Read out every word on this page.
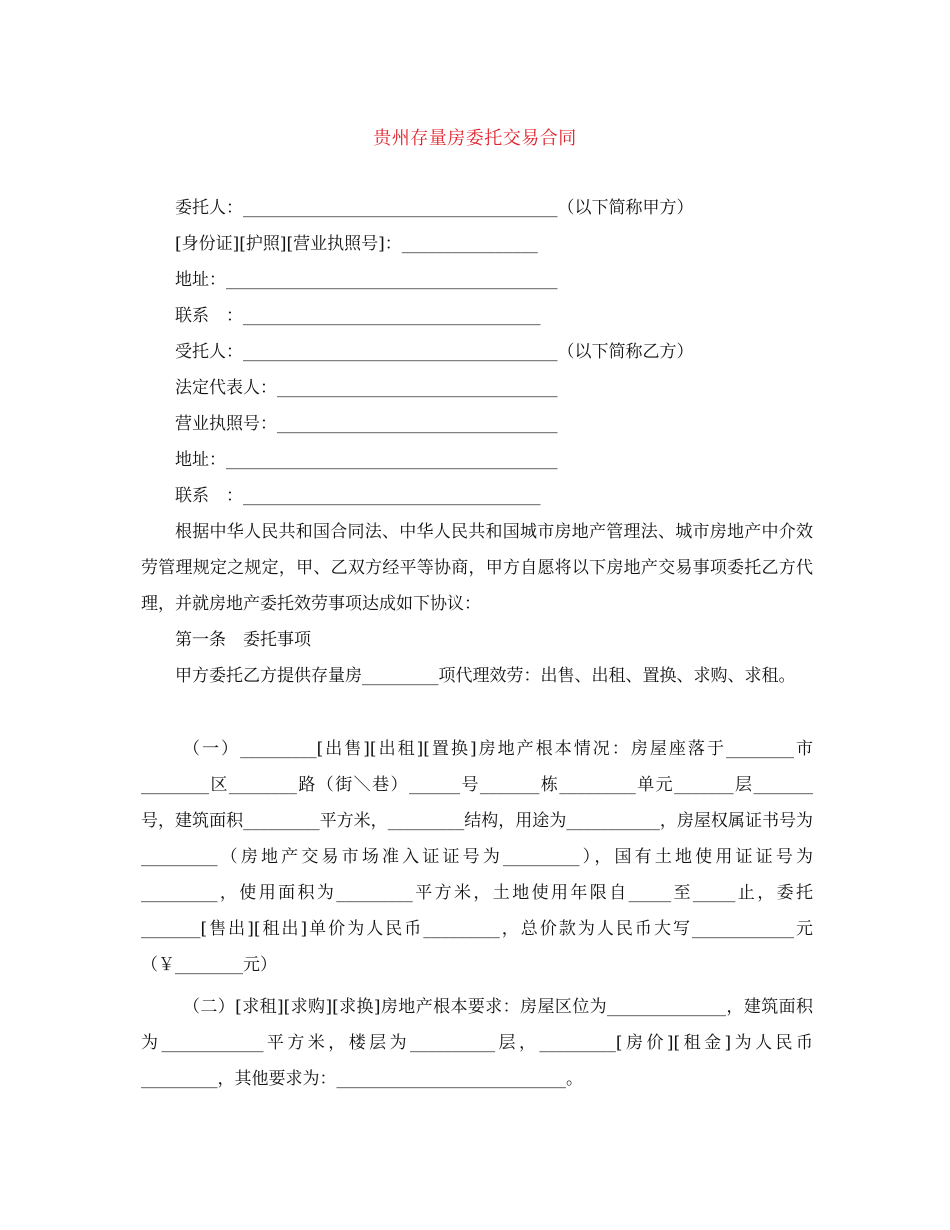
贵州存量房委托交易合同
委托人：_____________________________________（以下简称甲方）
[身份证][护照][营业执照号]：________________
地址：_______________________________________
联系　：___________________________________
受托人：_____________________________________（以下简称乙方）
法定代表人：_________________________________
营业执照号：_________________________________
地址：_______________________________________
联系　：___________________________________
根据中华人民共和国合同法、中华人民共和国城市房地产管理法、城市房地产中介效劳管理规定之规定，甲、乙双方经平等协商，甲方自愿将以下房地产交易事项委托乙方代理，并就房地产委托效劳事项达成如下协议：
第一条　委托事项
甲方委托乙方提供存量房_________项代理效劳：出售、出租、置换、求购、求租。
（一）_________[出售][出租][置换]房地产根本情况：房屋座落于________市________区________路（街＼巷）______号_______栋_________单元_______层_______号，建筑面积_________平方米，_________结构，用途为___________，房屋权属证书号为_________（房地产交易市场准入证证号为_________），国有土地使用证证号为_________，使用面积为_________平方米，土地使用年限自_____至_____止，委托_______[售出][租出]单价为人民币_________，总价款为人民币大写____________元（￥________元）
（二）[求租][求购][求换]房地产根本要求：房屋区位为______________，建筑面积为____________平方米，楼层为__________层，_________[房价][租金]为人民币_________，其他要求为：___________________________。
